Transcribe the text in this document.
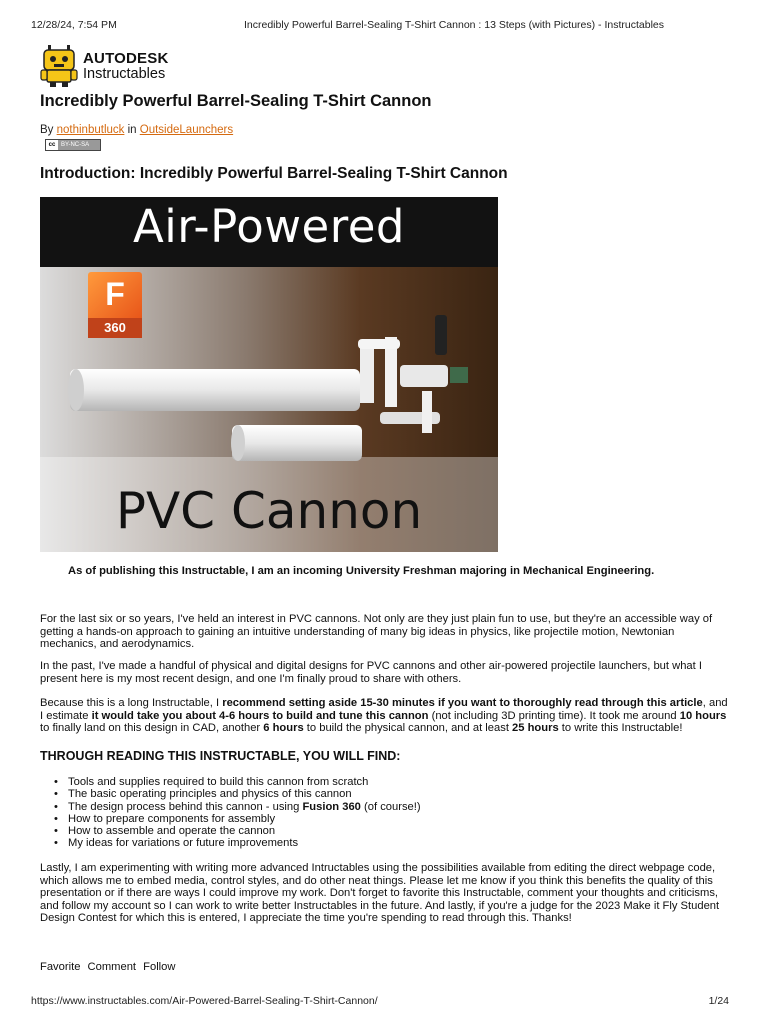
12/28/24, 7:54 PM	Incredibly Powerful Barrel-Sealing T-Shirt Cannon : 13 Steps (with Pictures) - Instructables
AUTODESK
Instructables
Incredibly Powerful Barrel-Sealing T-Shirt Cannon
By nothinbutluck in OutsideLaunchers
cc BY-NC-SA
Introduction: Incredibly Powerful Barrel-Sealing T-Shirt Cannon
Air-Powered
F
360
PVC Cannon
As of publishing this Instructable, I am an incoming University Freshman majoring in Mechanical Engineering.

For the last six or so years, I've held an interest in PVC cannons. Not only are they just plain fun to use, but they're an accessible way of getting a hands-on approach to gaining an intuitive understanding of many big ideas in physics, like projectile motion, Newtonian mechanics, and aerodynamics.

In the past, I've made a handful of physical and digital designs for PVC cannons and other air-powered projectile launchers, but what I present here is my most recent design, and one I'm finally proud to share with others.

Because this is a long Instructable, I recommend setting aside 15-30 minutes if you want to thoroughly read through this article, and I estimate it would take you about 4-6 hours to build and tune this cannon (not including 3D printing time). It took me around 10 hours to finally land on this design in CAD, another 6 hours to build the physical cannon, and at least 25 hours to write this Instructable!

THROUGH READING THIS INSTRUCTABLE, YOU WILL FIND:
• Tools and supplies required to build this cannon from scratch
• The basic operating principles and physics of this cannon
• The design process behind this cannon - using Fusion 360 (of course!)
• How to prepare components for assembly
• How to assemble and operate the cannon
• My ideas for variations or future improvements

Lastly, I am experimenting with writing more advanced Intructables using the possibilities available from editing the direct webpage code, which allows me to embed media, control styles, and do other neat things. Please let me know if you think this benefits the quality of this presentation or if there are ways I could improve my work. Don't forget to favorite this Instructable, comment your thoughts and criticisms, and follow my account so I can work to write better Instructables in the future. And lastly, if you're a judge for the 2023 Make it Fly Student Design Contest for which this is entered, I appreciate the time you're spending to read through this. Thanks!

Favorite Comment Follow
https://www.instructables.com/Air-Powered-Barrel-Sealing-T-Shirt-Cannon/	1/24
